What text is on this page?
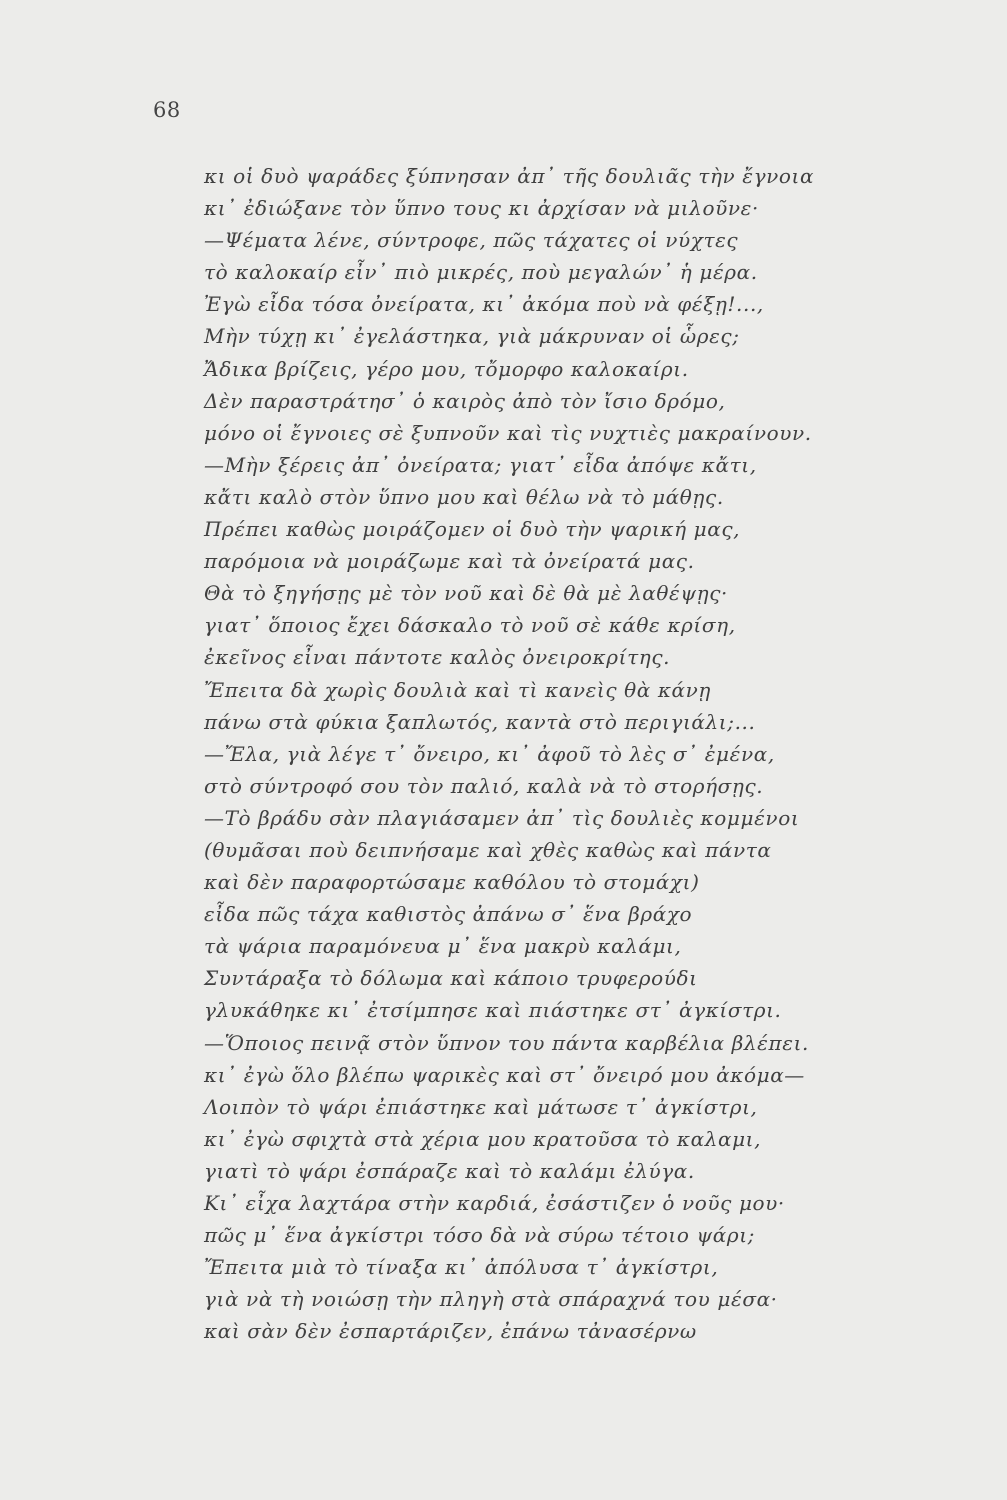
68
κι οἱ δυὸ ψαράδες ξύπνησαν ἀπ᾽ τῆς δουλιᾶς τὴν ἔγνοια
κι᾽ ἐδιώξανε τὸν ὕπνο τους κι ἀρχίσαν νὰ μιλοῦνε·
—Ψέματα λένε, σύντροφε, πῶς τάχατες οἱ νύχτες
τὸ καλοκαίρ εἶν᾽ πιὸ μικρές, ποὺ μεγαλών᾽ ἡ μέρα.
Ἐγὼ εἶδα τόσα ὀνείρατα, κι᾽ ἀκόμα ποὺ νὰ φέξῃ!...,
Μὴν τύχῃ κι᾽ ἐγελάστηκα, γιὰ μάκρυναν οἱ ὧρες;
Ἄδικα βρίζεις, γέρο μου, τὄμορφο καλοκαίρι.
Δὲν παραστράτησ᾽ ὁ καιρὸς ἀπὸ τὸν ἴσιο δρόμο,
μόνο οἱ ἔγνοιες σὲ ξυπνοῦν καὶ τὶς νυχτιὲς μακραίνουν.
—Μὴν ξέρεις ἀπ᾽ ὀνείρατα; γιατ᾽ εἶδα ἀπόψε κἄτι,
κἄτι καλὸ στὸν ὕπνο μου καὶ θέλω νὰ τὸ μάθῃς.
Πρέπει καθὼς μοιράζομεν οἱ δυὸ τὴν ψαρική μας,
παρόμοια νὰ μοιράζωμε καὶ τὰ ὀνείρατά μας.
Θὰ τὸ ξηγήσῃς μὲ τὸν νοῦ καὶ δὲ θὰ μὲ λαθέψῃς·
γιατ᾽ ὅποιος ἔχει δάσκαλο τὸ νοῦ σὲ κάθε κρίση,
ἐκεῖνος εἶναι πάντοτε καλὸς ὀνειροκρίτης.
Ἔπειτα δὰ χωρὶς δουλιὰ καὶ τὶ κανεὶς θὰ κάνῃ
πάνω στὰ φύκια ξαπλωτός, καντὰ στὸ περιγιάλι;...
—Ἔλα, γιὰ λέγε τ᾽ ὄνειρο, κι᾽ ἀφοῦ τὸ λὲς σ᾽ ἐμένα,
στὸ σύντροφό σου τὸν παλιό, καλὰ νὰ τὸ στορήσῃς.
—Τὸ βράδυ σὰν πλαγιάσαμεν ἀπ᾽ τὶς δουλιὲς κομμένοι
(θυμᾶσαι ποὺ δειπνήσαμε καὶ χθὲς καθὼς καὶ πάντα
καὶ δὲν παραφορτώσαμε καθόλου τὸ στομάχι)
εἶδα πῶς τάχα καθιστὸς ἀπάνω σ᾽ ἕνα βράχο
τὰ ψάρια παραμόνευα μ᾽ ἕνα μακρὺ καλάμι,
Συντάραξα τὸ δόλωμα καὶ κάποιο τρυφερούδι
γλυκάθηκε κι᾽ ἐτσίμπησε καὶ πιάστηκε στ᾽ ἀγκίστρι.
—Ὅποιος πεινᾷ στὸν ὕπνον του πάντα καρβέλια βλέπει.
κι᾽ ἐγὼ ὅλο βλέπω ψαρικὲς καὶ στ᾽ ὄνειρό μου ἀκόμα—
Λοιπὸν τὸ ψάρι ἐπιάστηκε καὶ μάτωσε τ᾽ ἀγκίστρι,
κι᾽ ἐγὼ σφιχτὰ στὰ χέρια μου κρατοῦσα τὸ καλαμι,
γιατὶ τὸ ψάρι ἐσπάραζε καὶ τὸ καλάμι ἐλύγα.
Κι᾽ εἶχα λαχτάρα στὴν καρδιά, ἐσάστιζεν ὁ νοῦς μου·
πῶς μ᾽ ἕνα ἀγκίστρι τόσο δὰ νὰ σύρω τέτοιο ψάρι;
Ἔπειτα μιὰ τὸ τίναξα κι᾽ ἀπόλυσα τ᾽ ἀγκίστρι,
γιὰ νὰ τὴ νοιώσῃ τὴν πληγὴ στὰ σπάραχνά του μέσα·
καὶ σὰν δὲν ἐσπαρτάριζεν, ἐπάνω τἀνασέρνω
